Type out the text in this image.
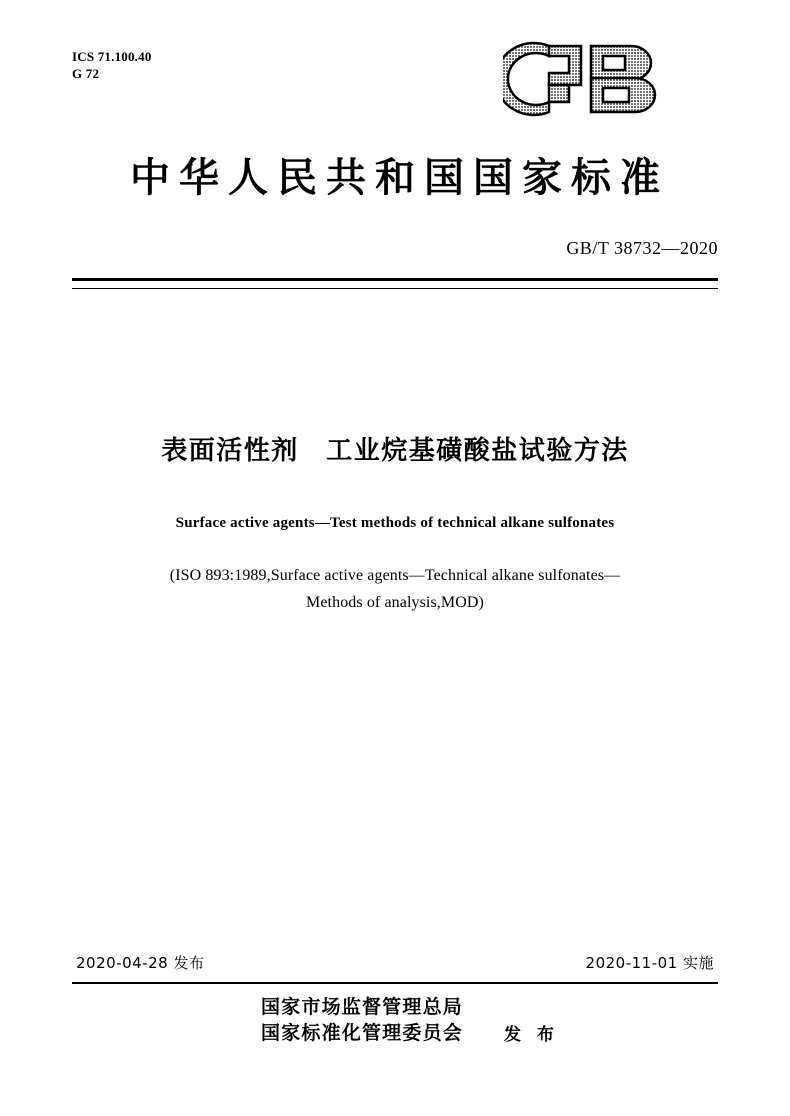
ICS 71.100.40
G 72
中华人民共和国国家标准
GB/T 38732—2020
表面活性剂　工业烷基磺酸盐试验方法
Surface active agents—Test methods of technical alkane sulfonates
(ISO 893:1989,Surface active agents—Technical alkane sulfonates—
Methods of analysis,MOD)
2020-04-28 发布	2020-11-01 实施
国家市场监督管理总局
国家标准化管理委员会	发 布
